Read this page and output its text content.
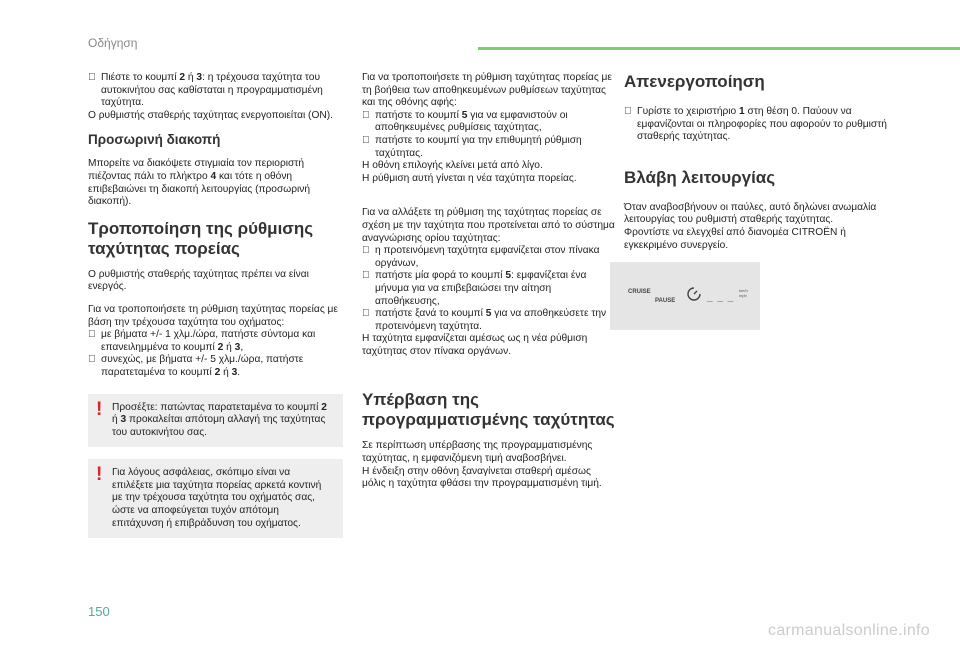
Οδήγηση

Πιέστε το κουμπί 2 ή 3: η τρέχουσα ταχύτητα του αυτοκινήτου σας καθίσταται η προγραμματισμένη ταχύτητα.

Ο ρυθμιστής σταθερής ταχύτητας ενεργοποιείται (ON).

Προσωρινή διακοπή

Μπορείτε να διακόψετε στιγμιαία τον περιοριστή πιέζοντας πάλι το πλήκτρο 4 και τότε η οθόνη επιβεβαιώνει τη διακοπή λειτουργίας (προσωρινή διακοπή).

Τροποποίηση της ρύθμισης ταχύτητας πορείας

Ο ρυθμιστής σταθερής ταχύτητας πρέπει να είναι ενεργός.

Για να τροποποιήσετε τη ρύθμιση ταχύτητας πορείας με βάση την τρέχουσα ταχύτητα του οχήματος:

με βήματα +/- 1 χλμ./ώρα, πατήστε σύντομα και επανειλημμένα το κουμπί 2 ή 3,
συνεχώς, με βήματα +/- 5 χλμ./ώρα, πατήστε παρατεταμένα το κουμπί 2 ή 3.
! Προσέξτε: πατώντας παρατεταμένα το κουμπί 2 ή 3 προκαλείται απότομη αλλαγή της ταχύτητας του αυτοκινήτου σας.
! Για λόγους ασφάλειας, σκόπιμο είναι να επιλέξετε μια ταχύτητα πορείας αρκετά κοντινή με την τρέχουσα ταχύτητα του οχήματός σας, ώστε να αποφεύγεται τυχόν απότομη επιτάχυνση ή επιβράδυνση του οχήματος.

Για να τροποποιήσετε τη ρύθμιση ταχύτητας πορείας με τη βοήθεια των αποθηκευμένων ρυθμίσεων ταχύτητας και της οθόνης αφής:

πατήστε το κουμπί 5 για να εμφανιστούν οι αποθηκευμένες ρυθμίσεις ταχύτητας,
πατήστε το κουμπί για την επιθυμητή ρύθμιση ταχύτητας.
Η οθόνη επιλογής κλείνει μετά από λίγο.

Η ρύθμιση αυτή γίνεται η νέα ταχύτητα πορείας.

Για να αλλάξετε τη ρύθμιση της ταχύτητας πορείας σε σχέση με την ταχύτητα που προτείνεται από το σύστημα αναγνώρισης ορίου ταχύτητας:

η προτεινόμενη ταχύτητα εμφανίζεται στον πίνακα οργάνων,
πατήστε μία φορά το κουμπί 5: εμφανίζεται ένα μήνυμα για να επιβεβαιώσει την αίτηση αποθήκευσης,
πατήστε ξανά το κουμπί 5 για να αποθηκεύσετε την προτεινόμενη ταχύτητα.

Η ταχύτητα εμφανίζεται αμέσως ως η νέα ρύθμιση ταχύτητας στον πίνακα οργάνων.

Υπέρβαση της προγραμματισμένης ταχύτητας
Σε περίπτωση υπέρβασης της προγραμματισμένης ταχύτητας, η εμφανιζόμενη τιμή αναβοσβήνει.
Η ένδειξη στην οθόνη ξαναγίνεται σταθερή αμέσως μόλις η ταχύτητα φθάσει την προγραμματισμένη τιμή.
Απενεργοποίηση

Γυρίστε το χειριστήριο 1 στη θέση 0. Παύουν να εμφανίζονται οι πληροφορίες που αφορούν το ρυθμιστή σταθερής ταχύτητας.

Βλάβη λειτουργίας
Όταν αναβοσβήνουν οι παύλες, αυτό δηλώνει ανωμαλία λειτουργίας του ρυθμιστή σταθερής ταχύτητας.
Φροντίστε να ελεγχθεί από διανομέα CITROËN ή εγκεκριμένο συνεργείο.
CRUISE
PAUSE	_ _ _
km/h
mph
150
carmanualsonline.info
